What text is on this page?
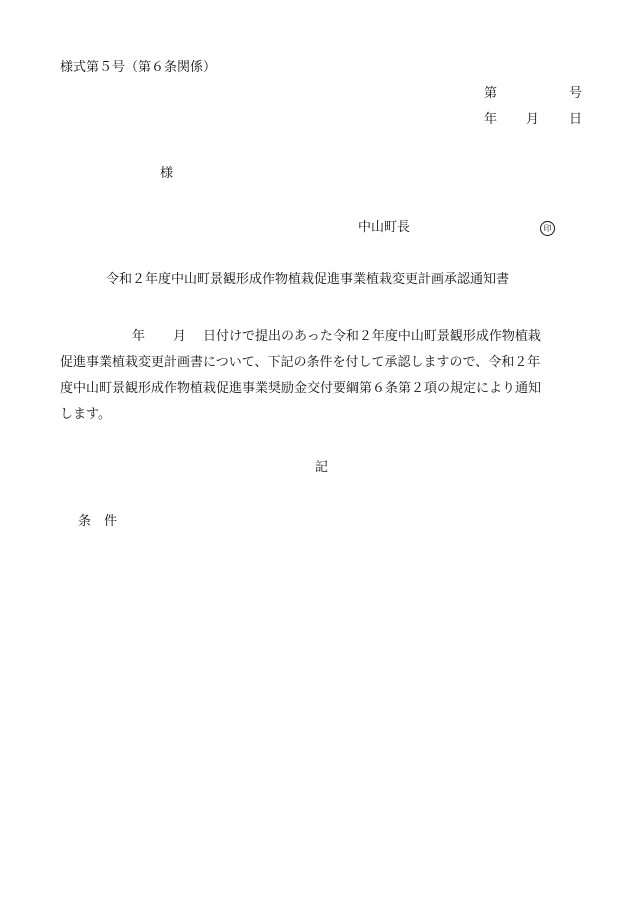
様式第５号（第６条関係）
第	号
年 月 日
様
中山町長	印
令和２年度中山町景観形成作物植栽促進事業植栽変更計画承認通知書
年 月 日付けで提出のあった令和２年度中山町景観形成作物植栽
促進事業植栽変更計画書について、下記の条件を付して承認しますので、令和２年
度中山町景観形成作物植栽促進事業奨励金交付要綱第６条第２項の規定により通知
します。
記
条　件
